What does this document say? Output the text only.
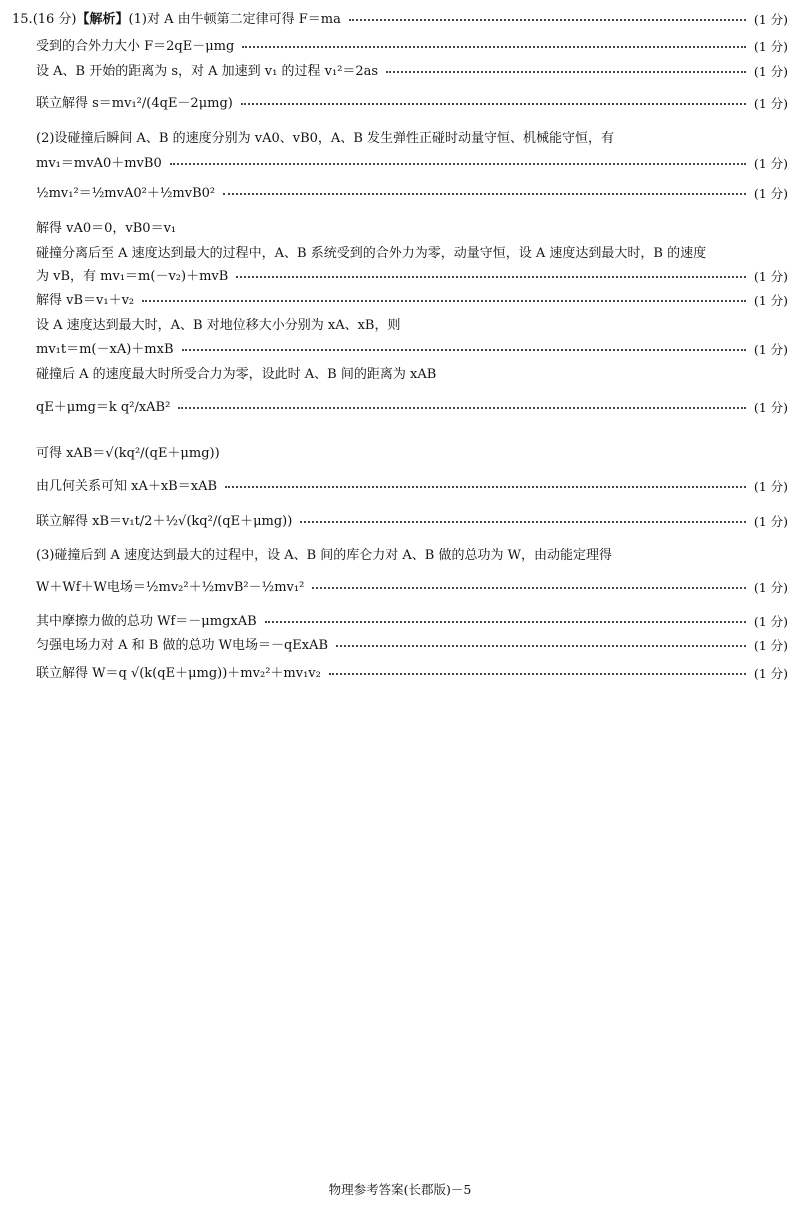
15.(16 分)【解析】(1)对 A 由牛顿第二定律可得 F＝ma	(1 分)
受到的合外力大小 F＝2qE－μmg	(1 分)
设 A、B 开始的距离为 s，对 A 加速到 v₁ 的过程 v₁²＝2as	(1 分)
联立解得 s＝mv₁²/(4qE－2μmg)	(1 分)
(2)设碰撞后瞬间 A、B 的速度分别为 vA0、vB0，A、B 发生弹性正碰时动量守恒、机械能守恒，有
mv₁＝mvA0＋mvB0	(1 分)
½mv₁²＝½mvA0²＋½mvB0²	(1 分)
解得 vA0＝0，vB0＝v₁
碰撞分离后至 A 速度达到最大的过程中，A、B 系统受到的合外力为零，动量守恒，设 A 速度达到最大时，B 的速度
为 vB，有 mv₁＝m(－v₂)＋mvB	(1 分)
解得 vB＝v₁＋v₂	(1 分)
设 A 速度达到最大时，A、B 对地位移大小分别为 xA、xB，则
mv₁t＝m(－xA)＋mxB	(1 分)
碰撞后 A 的速度最大时所受合力为零，设此时 A、B 间的距离为 xAB
qE＋μmg＝k q²/xAB²	(1 分)
可得 xAB＝√(kq²/(qE＋μmg))
由几何关系可知 xA＋xB＝xAB	(1 分)
联立解得 xB＝v₁t/2＋½√(kq²/(qE＋μmg))	(1 分)
(3)碰撞后到 A 速度达到最大的过程中，设 A、B 间的库仑力对 A、B 做的总功为 W，由动能定理得
W＋Wf＋W电场＝½mv₂²＋½mvB²－½mv₁²	(1 分)
其中摩擦力做的总功 Wf＝－μmgxAB	(1 分)
匀强电场力对 A 和 B 做的总功 W电场＝－qExAB	(1 分)
联立解得 W＝q √(k(qE＋μmg))＋mv₂²＋mv₁v₂	(1 分)
物理参考答案(长郡版)－5
